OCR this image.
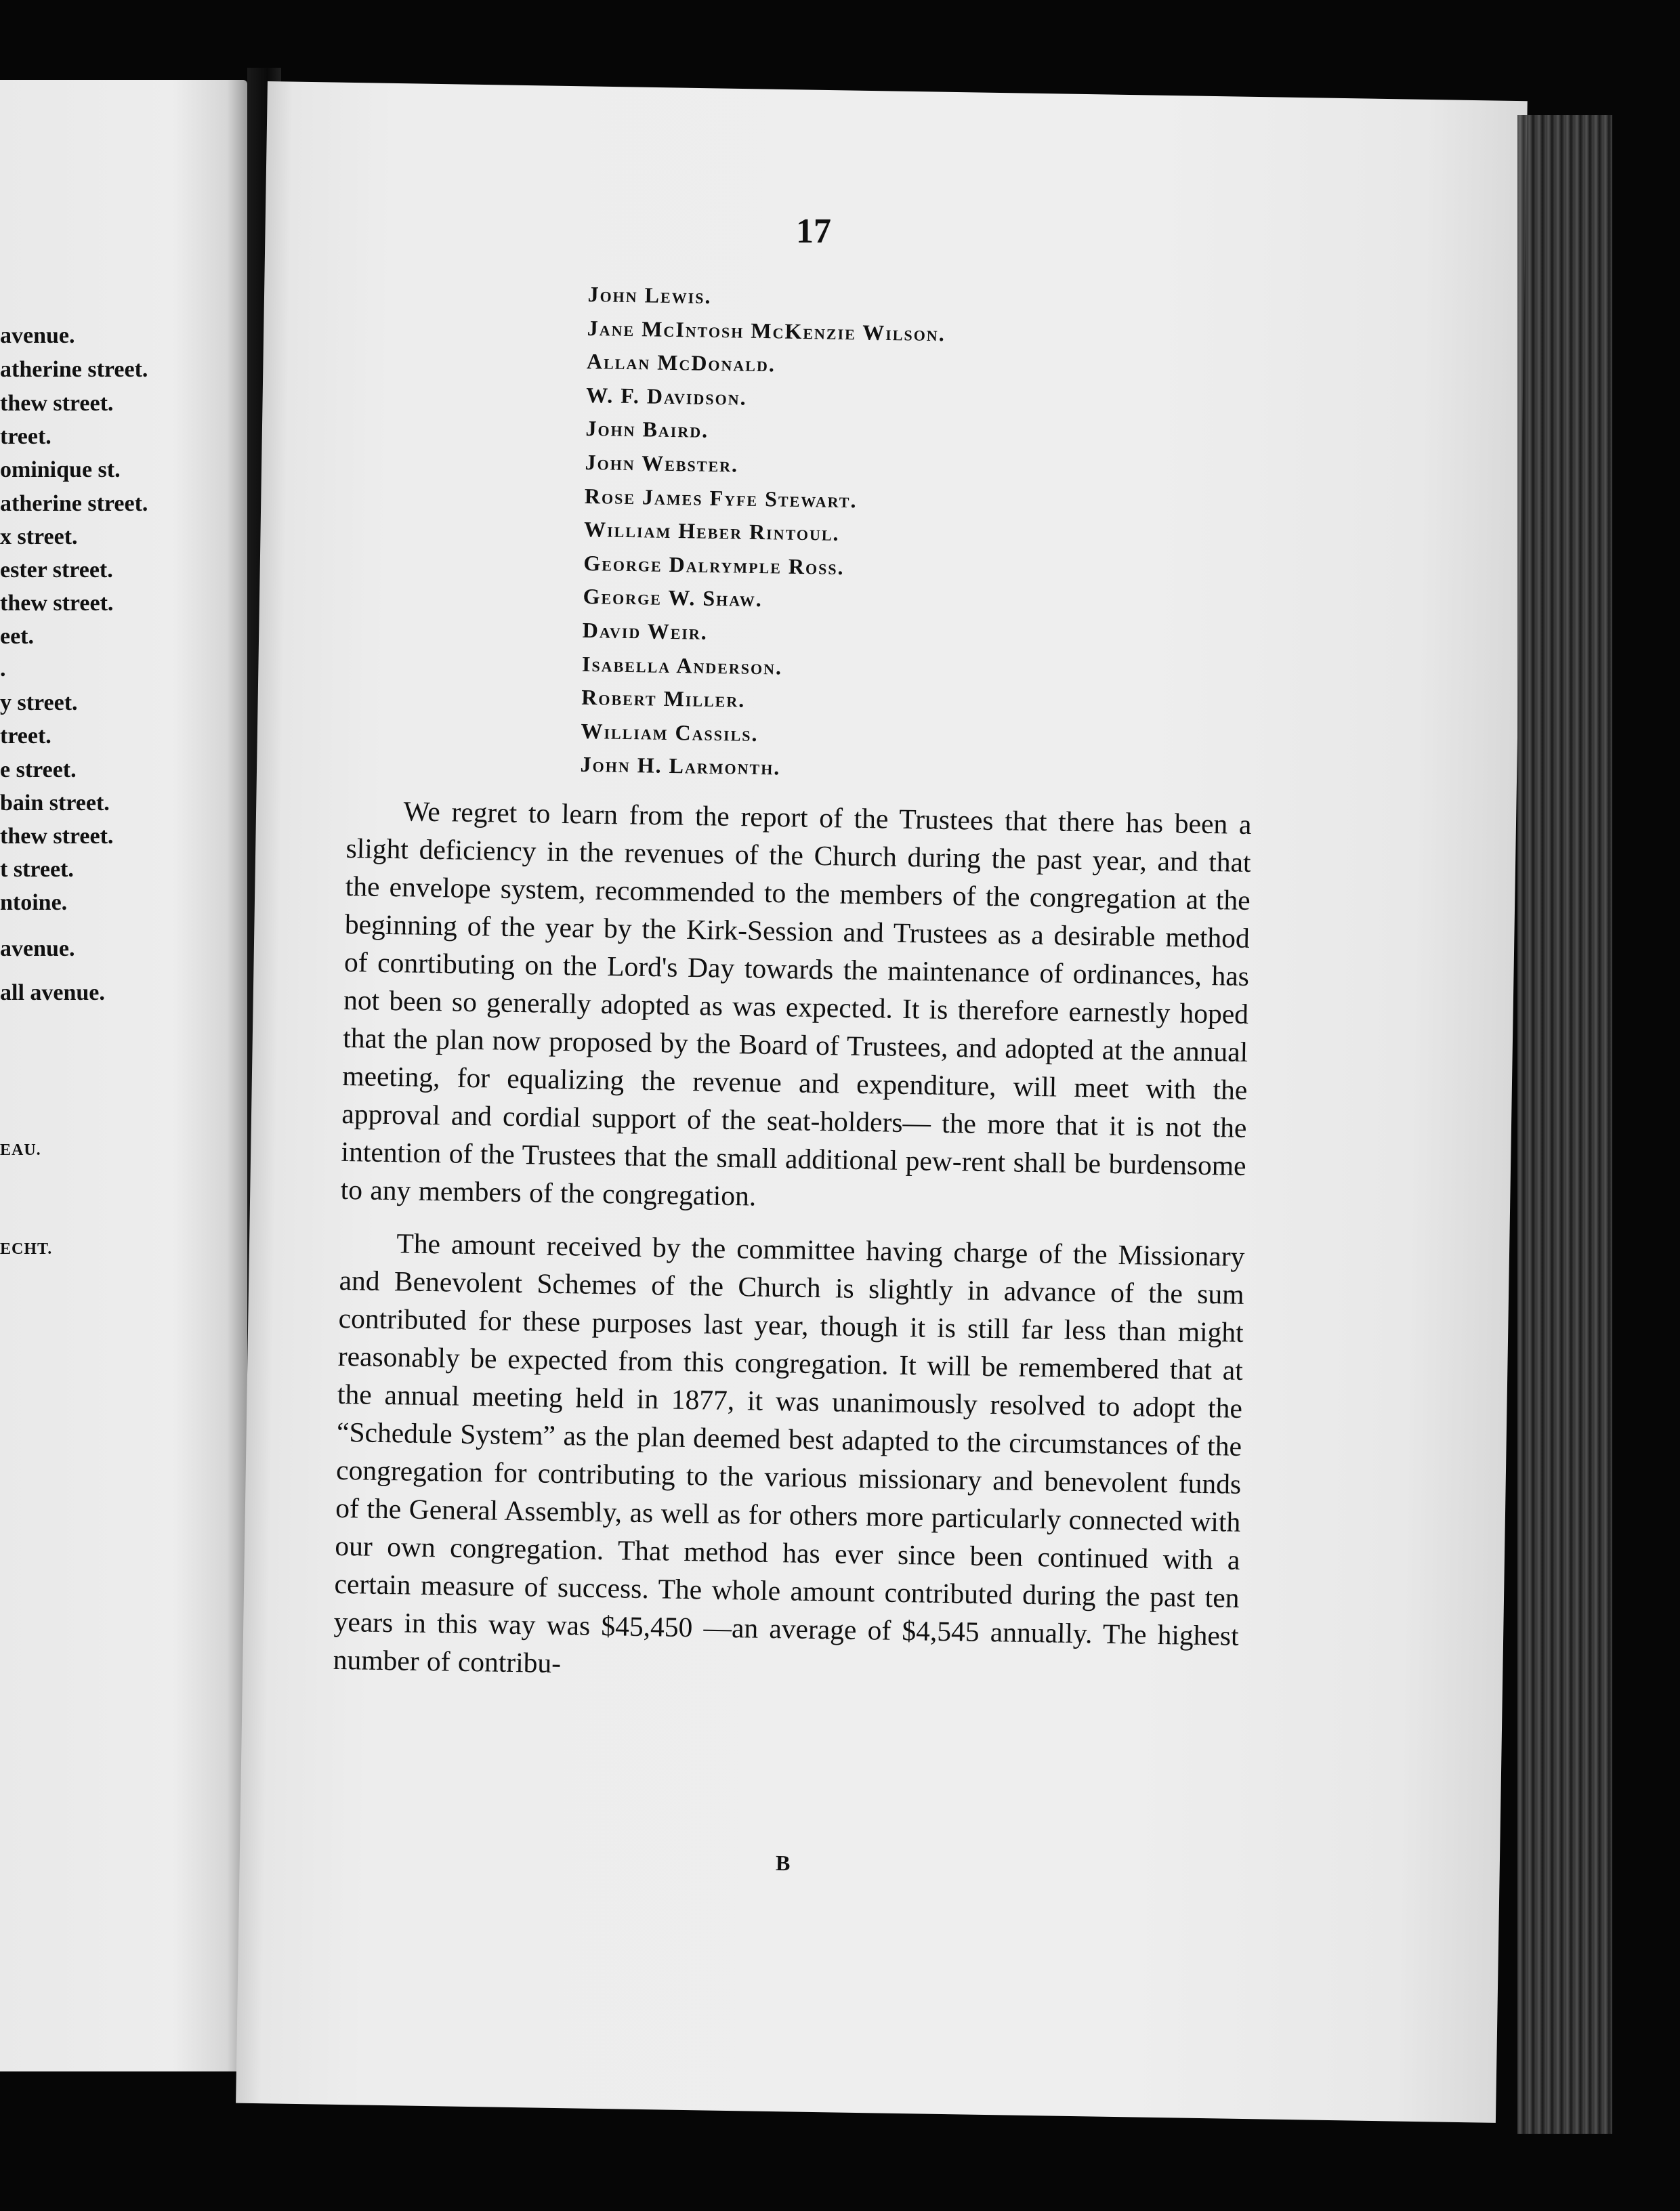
avenue.
atherine street.
thew street.
treet.
ominique st.
atherine street.
x street.
ester street.
thew street.
eet.
.
y street.
treet.
e street.
bain street.
thew street.
t street.
ntoine.
avenue.
all avenue.
EAU.
ECHT.
17
John Lewis.
Jane McIntosh McKenzie Wilson.
Allan McDonald.
W. F. Davidson.
John Baird.
John Webster.
Rose James Fyfe Stewart.
William Heber Rintoul.
George Dalrymple Ross.
George W. Shaw.
David Weir.
Isabella Anderson.
Robert Miller.
William Cassils.
John H. Larmonth.

We regret to learn from the report of the Trustees that there has been a slight deficiency in the revenues of the Church during the past year, and that the envelope system, recommended to the members of the congregation at the beginning of the year by the Kirk-Session and Trustees as a desirable method of conrtibuting on the Lord's Day towards the maintenance of ordinances, has not been so generally adopted as was expected. It is therefore earnestly hoped that the plan now proposed by the Board of Trustees, and adopted at the annual meeting, for equalizing the revenue and expenditure, will meet with the approval and cordial support of the seat-holders— the more that it is not the intention of the Trustees that the small additional pew-rent shall be burdensome to any members of the congregation.

The amount received by the committee having charge of the Missionary and Benevolent Schemes of the Church is slightly in advance of the sum contributed for these purposes last year, though it is still far less than might reasonably be expected from this congregation. It will be remembered that at the annual meeting held in 1877, it was unanimously resolved to adopt the “Schedule System” as the plan deemed best adapted to the circumstances of the congregation for contributing to the various missionary and benevolent funds of the General Assembly, as well as for others more particularly connected with our own congregation. That method has ever since been continued with a certain measure of success. The whole amount contributed during the past ten years in this way was $45,450 —an average of $4,545 annually. The highest number of contribu-

B
